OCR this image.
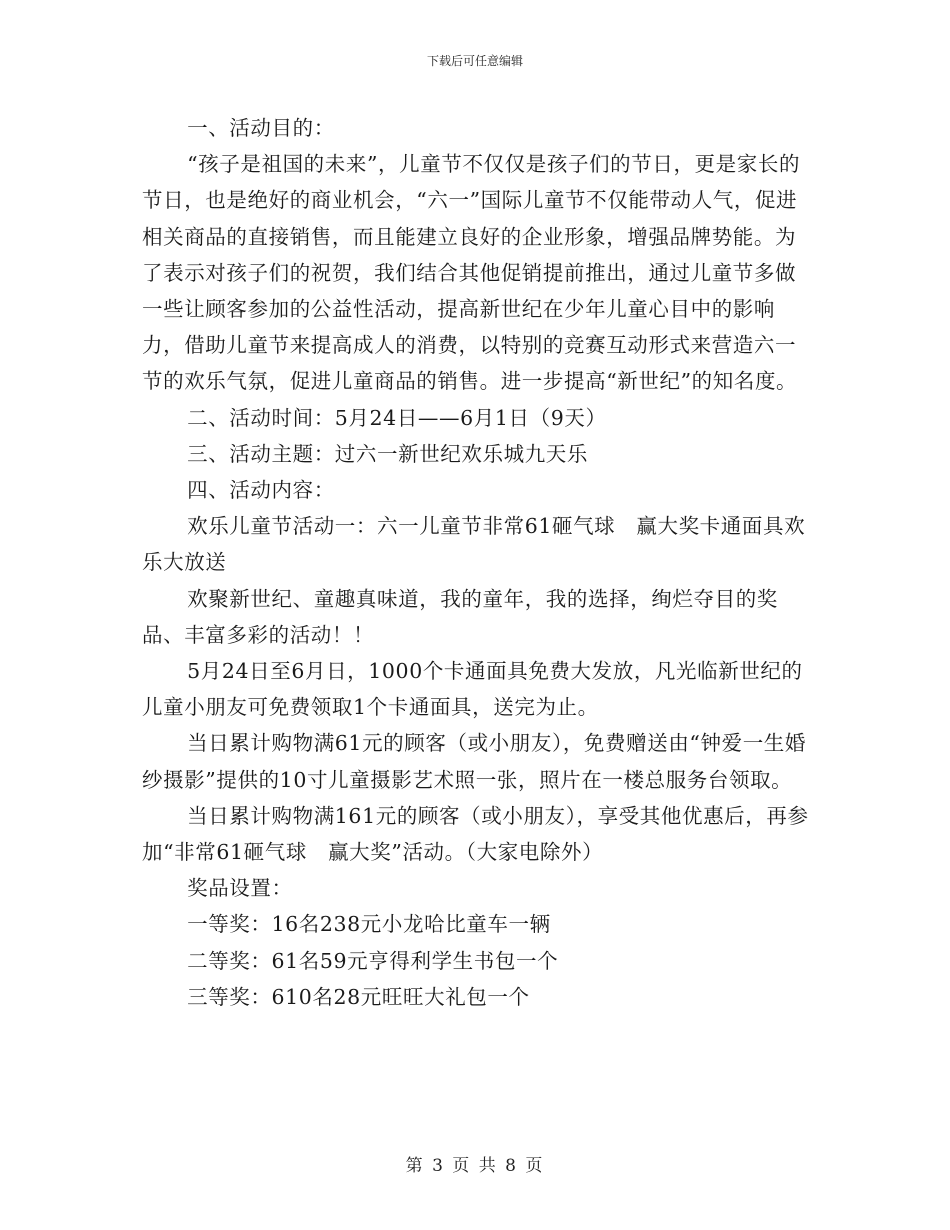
下载后可任意编辑

一、活动目的：

“孩子是祖国的未来”，儿童节不仅仅是孩子们的节日，更是家长的节日，也是绝好的商业机会，“六一”国际儿童节不仅能带动人气，促进相关商品的直接销售，而且能建立良好的企业形象，增强品牌势能。为了表示对孩子们的祝贺，我们结合其他促销提前推出，通过儿童节多做一些让顾客参加的公益性活动，提高新世纪在少年儿童心目中的影响力，借助儿童节来提高成人的消费，以特别的竞赛互动形式来营造六一节的欢乐气氛，促进儿童商品的销售。进一步提高“新世纪”的知名度。

二、活动时间：5月24日——6月1日（9天）

三、活动主题：过六一新世纪欢乐城九天乐

四、活动内容：

欢乐儿童节活动一：六一儿童节非常61砸气球　赢大奖卡通面具欢乐大放送

欢聚新世纪、童趣真味道，我的童年，我的选择，绚烂夺目的奖品、丰富多彩的活动！！

5月24日至6月日，1000个卡通面具免费大发放，凡光临新世纪的儿童小朋友可免费领取1个卡通面具，送完为止。

当日累计购物满61元的顾客（或小朋友），免费赠送由“钟爱一生婚纱摄影”提供的10寸儿童摄影艺术照一张，照片在一楼总服务台领取。

当日累计购物满161元的顾客（或小朋友），享受其他优惠后，再参加“非常61砸气球　赢大奖”活动。（大家电除外）

奖品设置：

一等奖：16名238元小龙哈比童车一辆

二等奖：61名59元亨得利学生书包一个

三等奖：610名28元旺旺大礼包一个

第 3 页 共 8 页
